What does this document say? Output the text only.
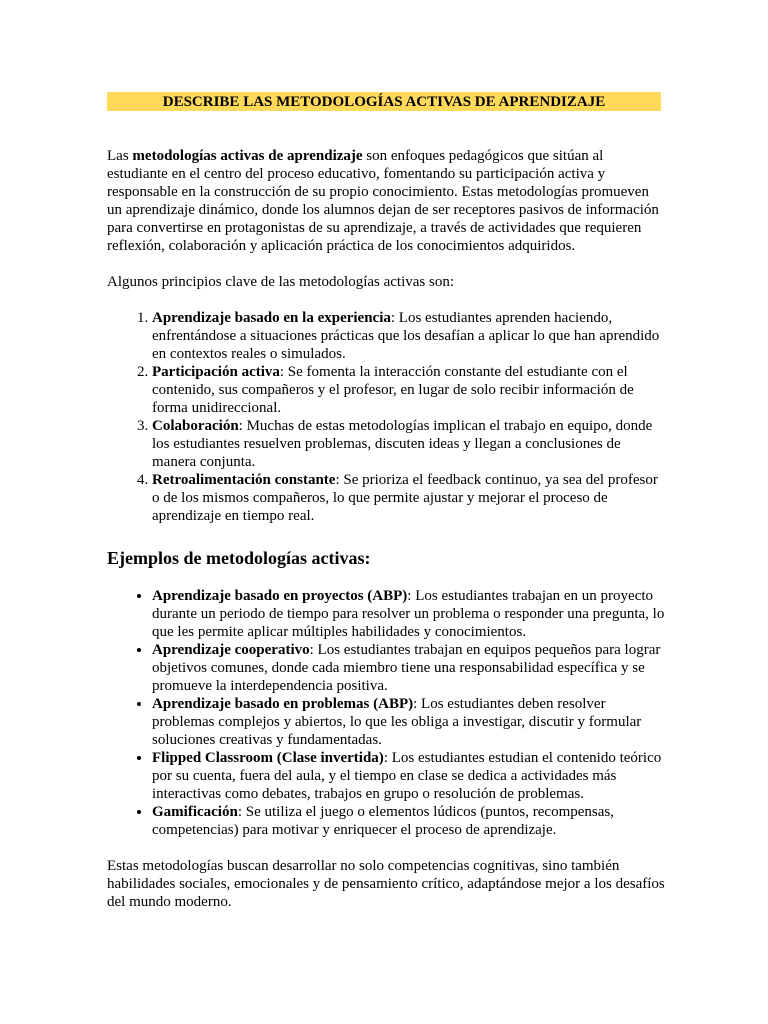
DESCRIBE LAS METODOLOGÍAS ACTIVAS DE APRENDIZAJE

Las metodologías activas de aprendizaje son enfoques pedagógicos que sitúan al estudiante en el centro del proceso educativo, fomentando su participación activa y responsable en la construcción de su propio conocimiento. Estas metodologías promueven un aprendizaje dinámico, donde los alumnos dejan de ser receptores pasivos de información para convertirse en protagonistas de su aprendizaje, a través de actividades que requieren reflexión, colaboración y aplicación práctica de los conocimientos adquiridos.

Algunos principios clave de las metodologías activas son:

1. Aprendizaje basado en la experiencia: Los estudiantes aprenden haciendo, enfrentándose a situaciones prácticas que los desafían a aplicar lo que han aprendido en contextos reales o simulados.
2. Participación activa: Se fomenta la interacción constante del estudiante con el contenido, sus compañeros y el profesor, en lugar de solo recibir información de forma unidireccional.
3. Colaboración: Muchas de estas metodologías implican el trabajo en equipo, donde los estudiantes resuelven problemas, discuten ideas y llegan a conclusiones de manera conjunta.
4. Retroalimentación constante: Se prioriza el feedback continuo, ya sea del profesor o de los mismos compañeros, lo que permite ajustar y mejorar el proceso de aprendizaje en tiempo real.
Ejemplos de metodologías activas:
• Aprendizaje basado en proyectos (ABP): Los estudiantes trabajan en un proyecto durante un periodo de tiempo para resolver un problema o responder una pregunta, lo que les permite aplicar múltiples habilidades y conocimientos.
• Aprendizaje cooperativo: Los estudiantes trabajan en equipos pequeños para lograr objetivos comunes, donde cada miembro tiene una responsabilidad específica y se promueve la interdependencia positiva.
• Aprendizaje basado en problemas (ABP): Los estudiantes deben resolver problemas complejos y abiertos, lo que les obliga a investigar, discutir y formular soluciones creativas y fundamentadas.
• Flipped Classroom (Clase invertida): Los estudiantes estudian el contenido teórico por su cuenta, fuera del aula, y el tiempo en clase se dedica a actividades más interactivas como debates, trabajos en grupo o resolución de problemas.
• Gamificación: Se utiliza el juego o elementos lúdicos (puntos, recompensas, competencias) para motivar y enriquecer el proceso de aprendizaje.

Estas metodologías buscan desarrollar no solo competencias cognitivas, sino también habilidades sociales, emocionales y de pensamiento crítico, adaptándose mejor a los desafíos del mundo moderno.
